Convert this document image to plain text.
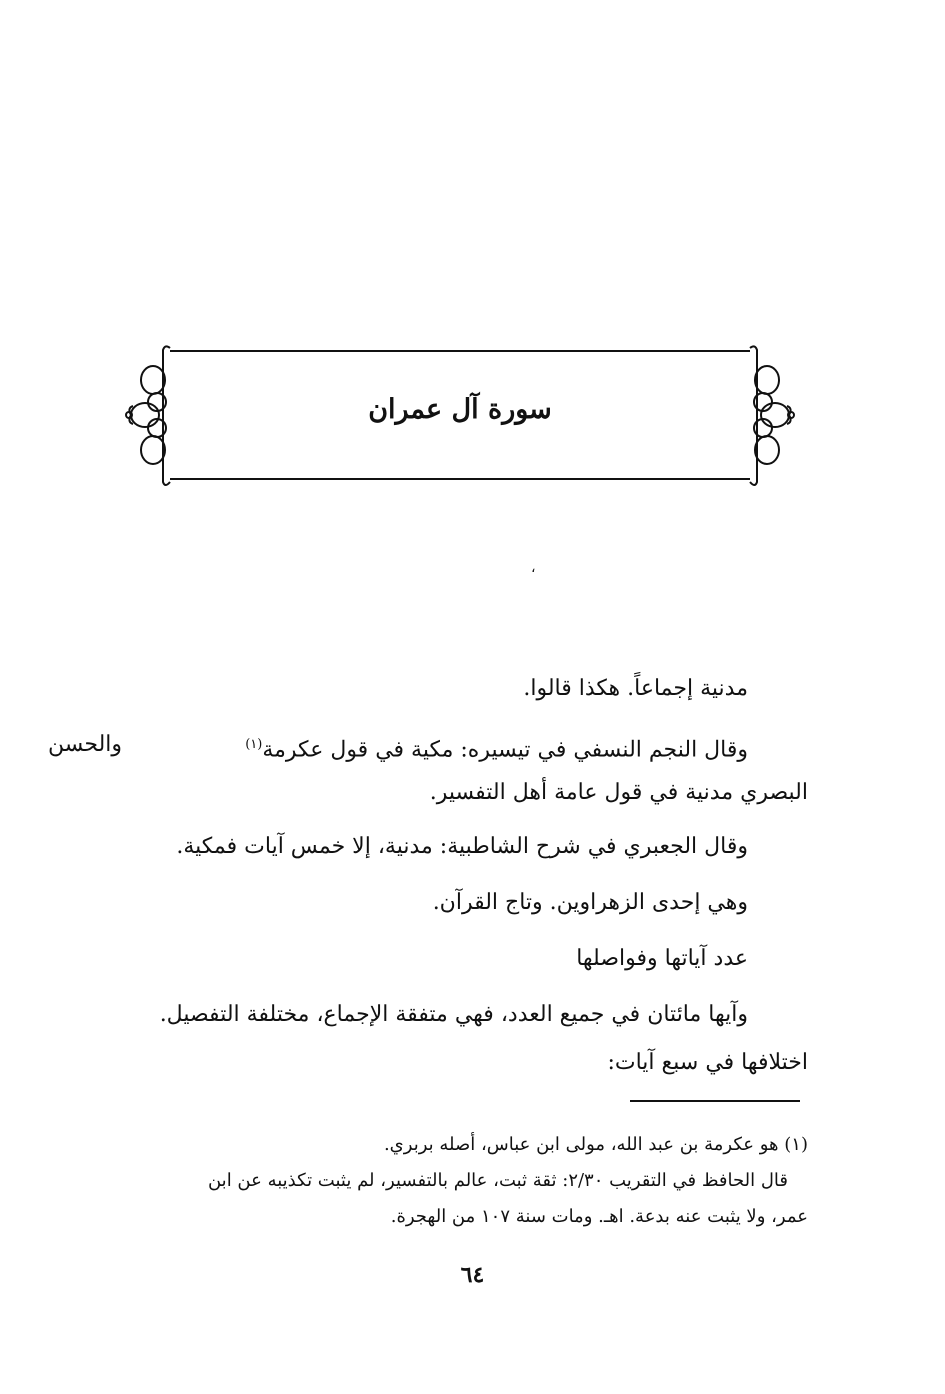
سورة آل عمران
،
مدنية إجماعاً. هكذا قالوا.
وقال النجم النسفي في تيسيره: مكية في قول عكرمة$^{(١)}$
والحسن
البصري مدنية في قول عامة أهل التفسير.
وقال الجعبري في شرح الشاطبية: مدنية، إلا خمس آيات فمكية.
وهي إحدى الزهراوين. وتاج القرآن.
عدد آياتها وفواصلها
وآيها مائتان في جميع العدد، فهي متفقة الإجماع، مختلفة التفصيل.
اختلافها في سبع آيات:
(١) هو عكرمة بن عبد الله، مولى ابن عباس، أصله بربري.
قال الحافظ في التقريب ٢/٣٠: ثقة ثبت، عالم بالتفسير، لم يثبت تكذيبه عن ابن
عمر، ولا يثبت عنه بدعة. اهـ. ومات سنة ١٠٧ من الهجرة.
٦٤
